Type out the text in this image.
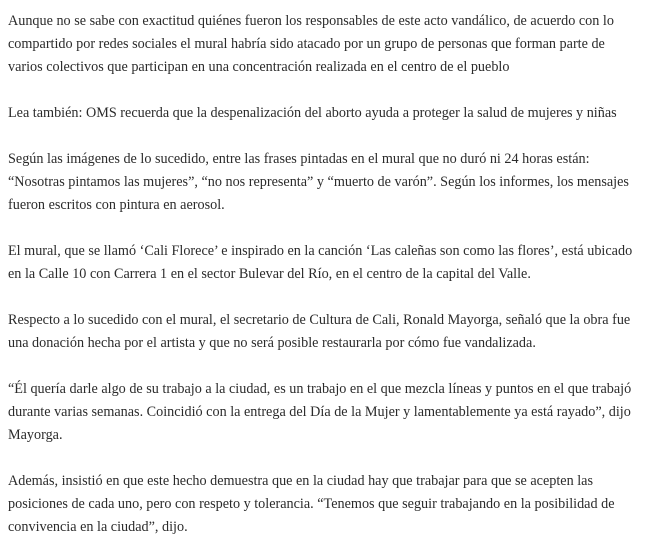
Aunque no se sabe con exactitud quiénes fueron los responsables de este acto vandálico, de acuerdo con lo compartido por redes sociales el mural habría sido atacado por un grupo de personas que forman parte de varios colectivos que participan en una concentración realizada en el centro de el pueblo

Lea también: OMS recuerda que la despenalización del aborto ayuda a proteger la salud de mujeres y niñas

Según las imágenes de lo sucedido, entre las frases pintadas en el mural que no duró ni 24 horas están: “Nosotras pintamos las mujeres”, “no nos representa” y “muerto de varón”. Según los informes, los mensajes fueron escritos con pintura en aerosol.

El mural, que se llamó ‘Cali Florece’ e inspirado en la canción ‘Las caleñas son como las flores’, está ubicado en la Calle 10 con Carrera 1 en el sector Bulevar del Río, en el centro de la capital del Valle.

Respecto a lo sucedido con el mural, el secretario de Cultura de Cali, Ronald Mayorga, señaló que la obra fue una donación hecha por el artista y que no será posible restaurarla por cómo fue vandalizada.

“Él quería darle algo de su trabajo a la ciudad, es un trabajo en el que mezcla líneas y puntos en el que trabajó durante varias semanas. Coincidió con la entrega del Día de la Mujer y lamentablemente ya está rayado”, dijo Mayorga.

Además, insistió en que este hecho demuestra que en la ciudad hay que trabajar para que se acepten las posiciones de cada uno, pero con respeto y tolerancia. “Tenemos que seguir trabajando en la posibilidad de convivencia en la ciudad”, dijo.
